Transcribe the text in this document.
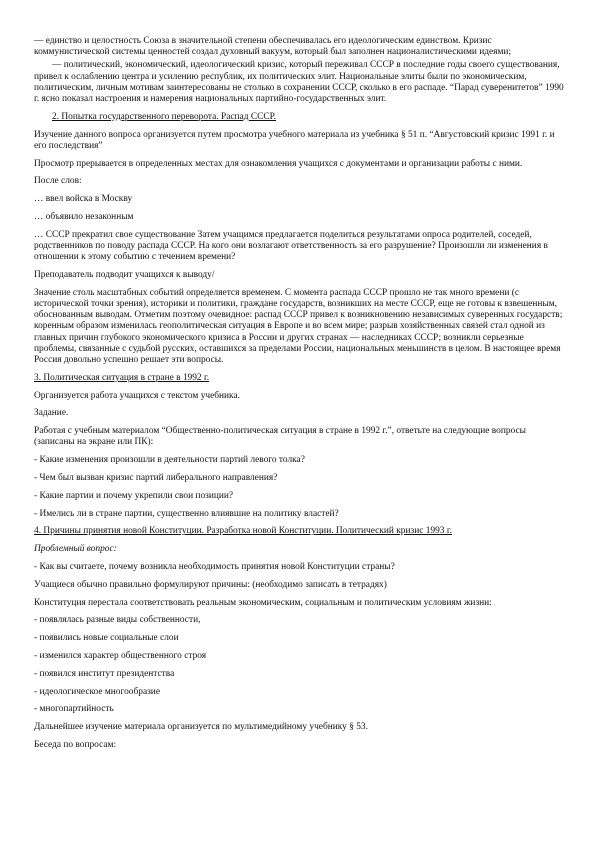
— единство и целостность Союза в значительной степени обеспечивалась его идеологическим единством. Кризис коммунистической системы ценностей создал духовный вакуум, который был заполнен националистическими идеями;

— политический, экономический, идеологический кризис, который переживал СССР в последние годы своего существования, привел к ослаблению центра и усилению республик, их политических элит. Национальные элиты были по экономическим, политическим, личным мотивам заинтересованы не столько в сохранении СССР, сколько в его распаде. “Парад суверенитетов” 1990 г. ясно показал настроения и намерения национальных партийно-государственных элит.

2. Попытка государственного переворота. Распад СССР.

Изучение данного вопроса организуется путем просмотра учебного материала из учебника § 51 п. “Августовский кризис 1991 г. и его последствия”

Просмотр прерывается в определенных местах для ознакомления учащихся с документами и организации работы с ними.

После слов:

… ввел войска в Москву

… объявило незаконным

… СССР прекратил свое существование Затем учащимся предлагается поделиться результатами опроса родителей, соседей, родственников по поводу распада СССР. На кого они возлагают ответственность за его разрушение? Произошли ли изменения в отношении к этому событию с течением времени?

Преподаватель подводит учащихся к выводу/

Значение столь масштабных событий определяется временем. С момента распада СССР прошло не так много времени (с исторической точки зрения), историки и политики, граждане государств, возникших на месте СССР, еще не готовы к взвешенным, обоснованным выводам. Отметим поэтому очевидное: распад СССР привел к возникновению независимых суверенных государств; коренным образом изменилась геополитическая ситуация в Европе и во всем мире; разрыв хозяйственных связей стал одной из главных причин глубокого экономического кризиса в России и других странах — наследниках СССР; возникли серьезные проблемы, связанные с судьбой русских, оставшихся за пределами России, национальных меньшинств в целом. В настоящее время Россия довольно успешно решает эти вопросы.

3. Политическая ситуация в стране в 1992 г.

Организуется работа учащихся с текстом учебника.

Задание.

Работая с учебным материалом “Общественно-политическая ситуация в стране в 1992 г.”, ответьте на следующие вопросы (записаны на экране или ПК):

- Какие изменения произошли в деятельности партий левого толка?

- Чем был вызван кризис партий либерального направления?

- Какие партии и почему укрепили свои позиции?

- Имелись ли в стране партии, существенно влиявшие на политику властей?

4. Причины принятия новой Конституции. Разработка новой Конституции. Политический кризис 1993 г.

Проблемный вопрос:

- Как вы считаете, почему возникла необходимость принятия новой Конституции страны?

Учащиеся обычно правильно формулируют причины: (необходимо записать в тетрадях)

Конституция перестала соответствовать реальным экономическим, социальным и политическим условиям жизни:

- появлялась разные виды собственности,

- появились новые социальные слои

- изменился характер общественного строя

- появился институт президентства

- идеологическое многообразие

- многопартийность

Дальнейшее изучение материала организуется по мультимедийному учебнику § 53.

Беседа по вопросам:
